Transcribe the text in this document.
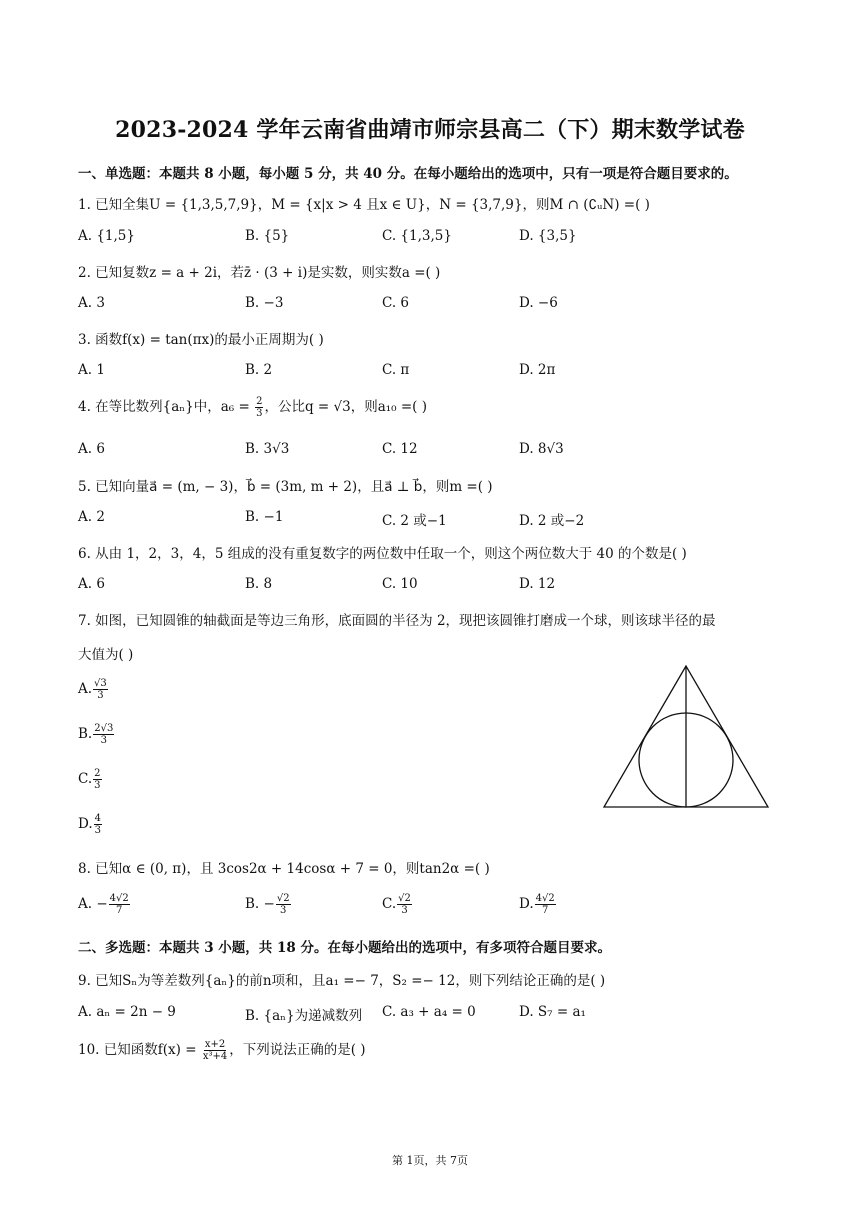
2023-2024 学年云南省曲靖市师宗县高二（下）期末数学试卷
一、单选题：本题共 8 小题，每小题 5 分，共 40 分。在每小题给出的选项中，只有一项是符合题目要求的。
1. 已知全集U = {1,3,5,7,9}，M = {x|x > 4 且x ∈ U}，N = {3,7,9}，则M ∩ (∁ᵤN) =( )
A. {1,5}	B. {5}	C. {1,3,5}	D. {3,5}
2. 已知复数z = a + 2i，若z̄ · (3 + i)是实数，则实数a =( )
A. 3	B. −3	C. 6	D. −6
3. 函数f(x) = tan(πx)的最小正周期为( )
A. 1	B. 2	C. π	D. 2π
4. 在等比数列{aₙ}中，$a_6 = \frac{2}{3}$ ，公比q = √3，则a₁₀ =( )
A. 6	B. 3√3	C. 12	D. 8√3
5. 已知向量a⃗ = (m, − 3)，b⃗ = (3m, m + 2)，且a⃗ ⊥ b⃗，则m =( )
A. 2	B. −1	C. 2 或−1	D. 2 或−2
6. 从由 1，2，3，4，5 组成的没有重复数字的两位数中任取一个，则这个两位数大于 40 的个数是( )
A. 6	B. 8	C. 10	D. 12
7. 如图，已知圆锥的轴截面是等边三角形，底面圆的半径为 2，现把该圆锥打磨成一个球，则该球半径的最
大值为( )
A. $\frac{√3}{3}$
B. $\frac{2√3}{3}$
C. $\frac{2}{3}$
D. $\frac{4}{3}$
8. 已知α ∈ (0, π)，且 3cos2α + 14cosα + 7 = 0，则tan2α =( )
A. − $\frac{4√2}{7}$	B. − $\frac{√2}{3}$	C. $\frac{√2}{3}$	D. $\frac{4√2}{7}$
二、多选题：本题共 3 小题，共 18 分。在每小题给出的选项中，有多项符合题目要求。
9. 已知Sₙ为等差数列{aₙ}的前n项和，且a₁ =− 7，S₂ =− 12，则下列结论正确的是( )
A. aₙ = 2n − 9	B. {aₙ}为递减数列 C. a₃ + a₄ = 0	D. S₇ = a₁
10. 已知函数$f(x) = \frac{x+2}{\text{x³+4}}$ ，下列说法正确的是( )
第 1页，共 7页
